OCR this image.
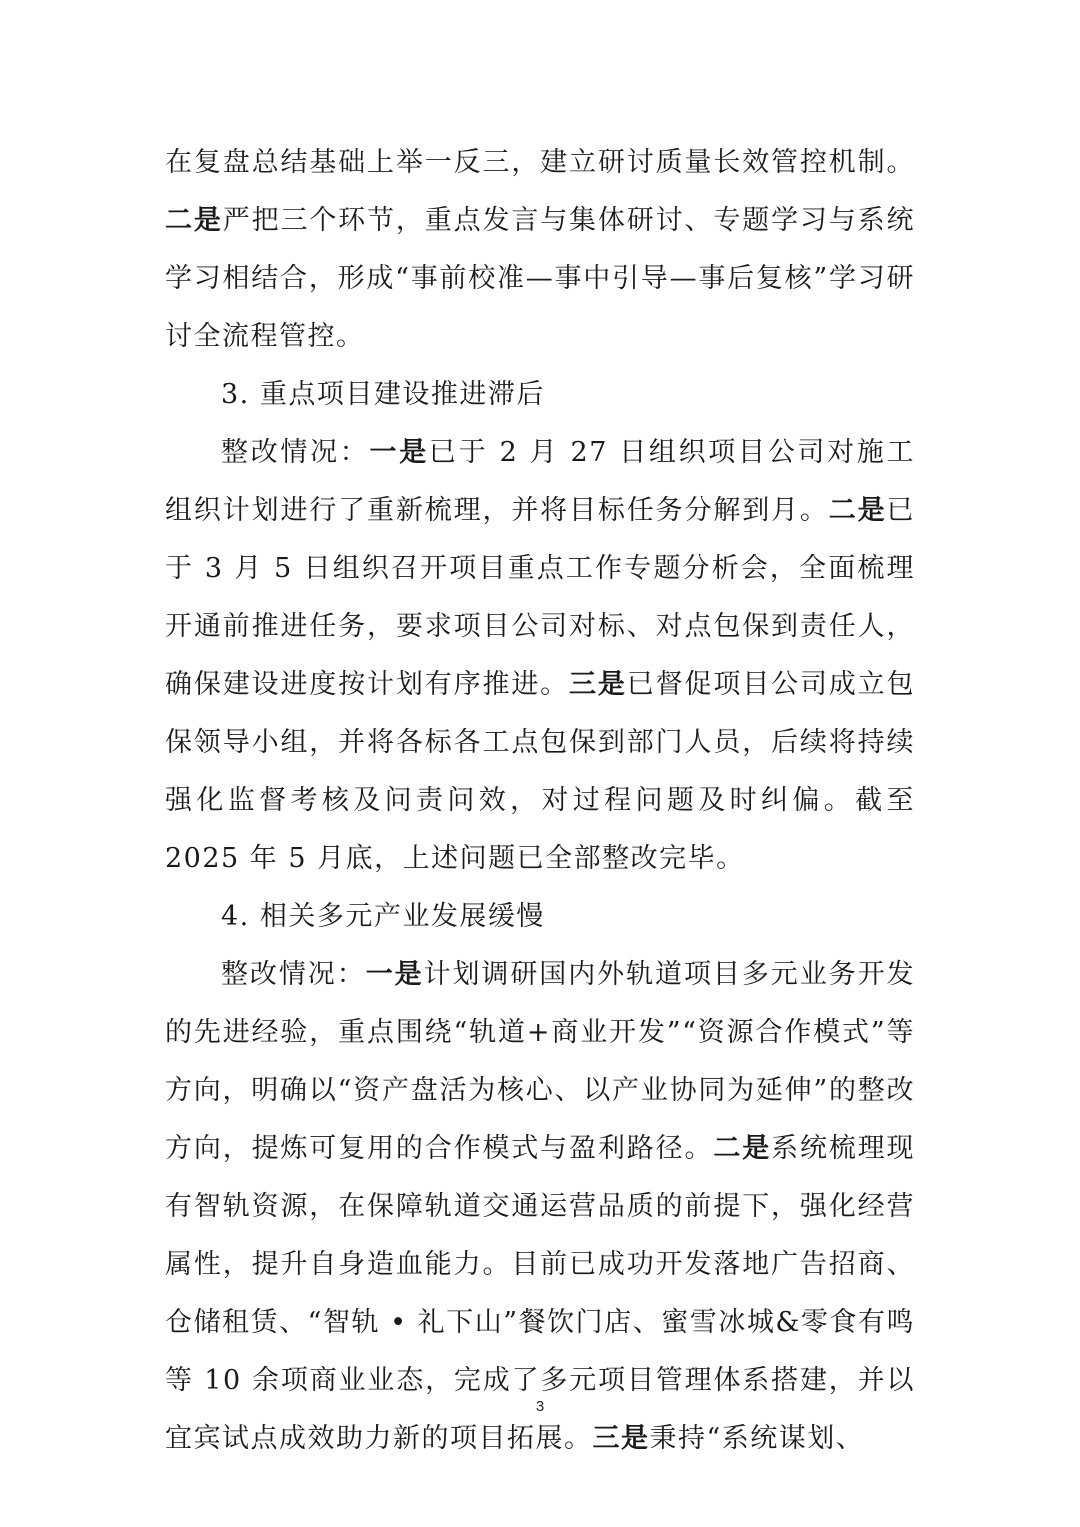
在复盘总结基础上举一反三，建立研讨质量长效管控机制。二是严把三个环节，重点发言与集体研讨、专题学习与系统学习相结合，形成“事前校准—事中引导—事后复核”学习研讨全流程管控。

3. 重点项目建设推进滞后

整改情况：一是已于 2 月 27 日组织项目公司对施工组织计划进行了重新梳理，并将目标任务分解到月。二是已于 3 月 5 日组织召开项目重点工作专题分析会，全面梳理开通前推进任务，要求项目公司对标、对点包保到责任人，确保建设进度按计划有序推进。三是已督促项目公司成立包保领导小组，并将各标各工点包保到部门人员，后续将持续强化监督考核及问责问效，对过程问题及时纠偏。截至 2025 年 5 月底，上述问题已全部整改完毕。

4. 相关多元产业发展缓慢

整改情况：一是计划调研国内外轨道项目多元业务开发的先进经验，重点围绕“轨道+商业开发”“资源合作模式”等方向，明确以“资产盘活为核心、以产业协同为延伸”的整改方向，提炼可复用的合作模式与盈利路径。二是系统梳理现有智轨资源，在保障轨道交通运营品质的前提下，强化经营属性，提升自身造血能力。目前已成功开发落地广告招商、仓储租赁、“智轨 • 礼下山”餐饮门店、蜜雪冰城&零食有鸣等 10 余项商业业态，完成了多元项目管理体系搭建，并以宜宾试点成效助力新的项目拓展。三是秉持“系统谋划、

3
